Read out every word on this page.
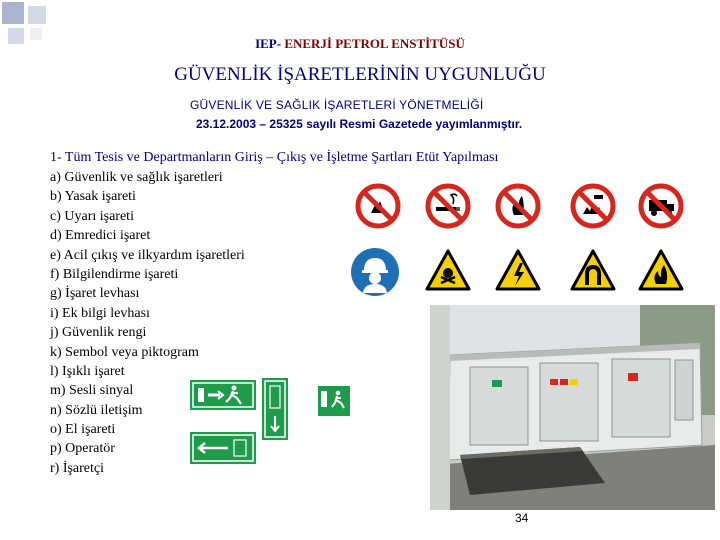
IEP- ENERJİ PETROL ENSTİTÜSÜ
GÜVENLİK İŞARETLERİNİN UYGUNLUĞU
GÜVENLİK VE SAĞLIK İŞARETLERİ YÖNETMELİĞİ
23.12.2003 – 25325 sayılı Resmi Gazetede yayımlanmıştır.
1- Tüm Tesis ve Departmanların Giriş – Çıkış ve İşletme Şartları Etüt Yapılması
a) Güvenlik ve sağlık işaretleri
b) Yasak işareti
c) Uyarı işareti
d) Emredici işaret
e) Acil çıkış ve ilkyardım işaretleri
f) Bilgilendirme işareti
g) İşaret levhası
i) Ek bilgi levhası
j) Güvenlik rengi
k) Sembol veya piktogram
l) Işıklı işaret
m) Sesli sinyal
n) Sözlü iletişim
o) El işareti
p) Operatör
r) İşaretçi
34
